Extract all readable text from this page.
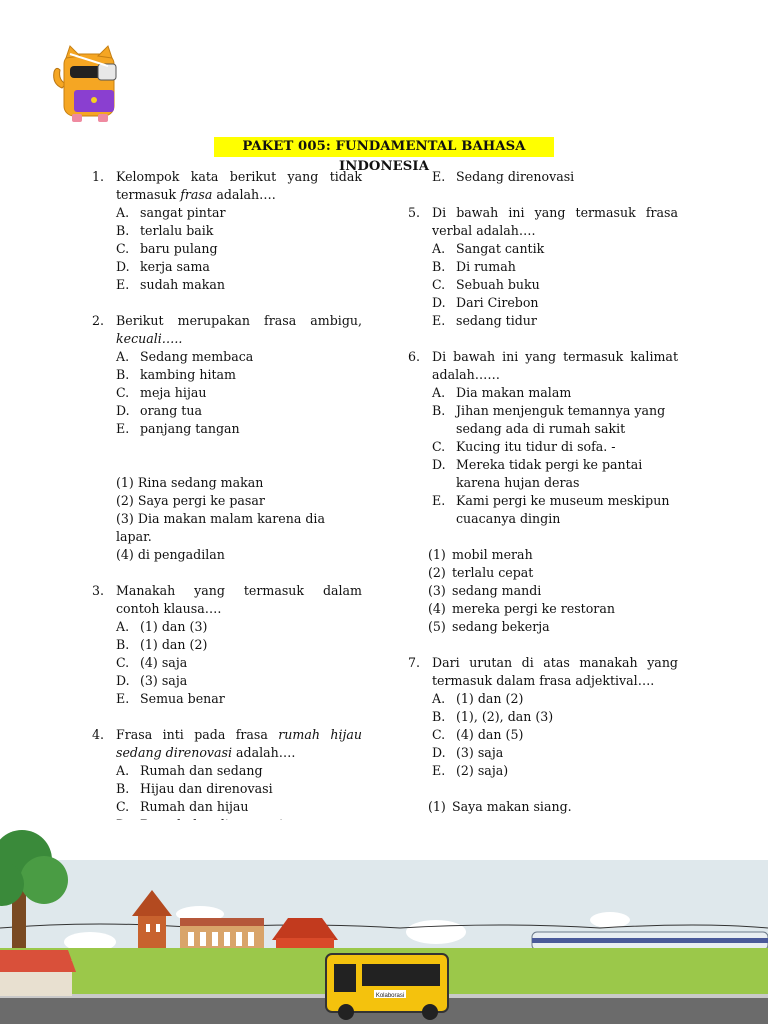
PAKET 005: FUNDAMENTAL BAHASA INDONESIA
1. Kelompok kata berikut yang tidak termasuk frasa adalah….
A. sangat pintar
B. terlalu baik
C. baru pulang
D. kerja sama
E. sudah makan
2. Berikut merupakan frasa ambigu, kecuali…..
A. Sedang membaca
B. kambing hitam
C. meja hijau
D. orang tua
E. panjang tangan
(1) Rina sedang makan
(2) Saya pergi ke pasar
(3) Dia makan malam karena dia lapar.
(4) di pengadilan
3. Manakah yang termasuk dalam contoh klausa….
A. (1) dan (3)
B. (1) dan (2)
C. (4) saja
D. (3) saja
E. Semua benar
4. Frasa inti pada frasa rumah hijau sedang direnovasi adalah….
A. Rumah dan sedang
B. Hijau dan direnovasi
C. Rumah dan hijau
E. Sedang direnovasi
5. Di bawah ini yang termasuk frasa verbal adalah….
A. Sangat cantik
B. Di rumah
C. Sebuah buku
D. Dari Cirebon
E. sedang tidur
6. Di bawah ini yang termasuk kalimat adalah……
A. Dia makan malam
B. Jihan menjenguk temannya yang sedang ada di rumah sakit
C. Kucing itu tidur di sofa. -
D. Mereka tidak pergi ke pantai karena hujan deras
E. Kami pergi ke museum meskipun cuacanya dingin
(1) mobil merah
(2) terlalu cepat
(3) sedang mandi
(4) mereka pergi ke restoran
(5) sedang bekerja
7. Dari urutan di atas manakah yang termasuk dalam frasa adjektival….
A. (1) dan (2)
B. (1), (2), dan (3)
C. (4) dan (5)
D. (3) saja
E. (2) saja)
(1) Saya makan siang.
Kolaborasi
